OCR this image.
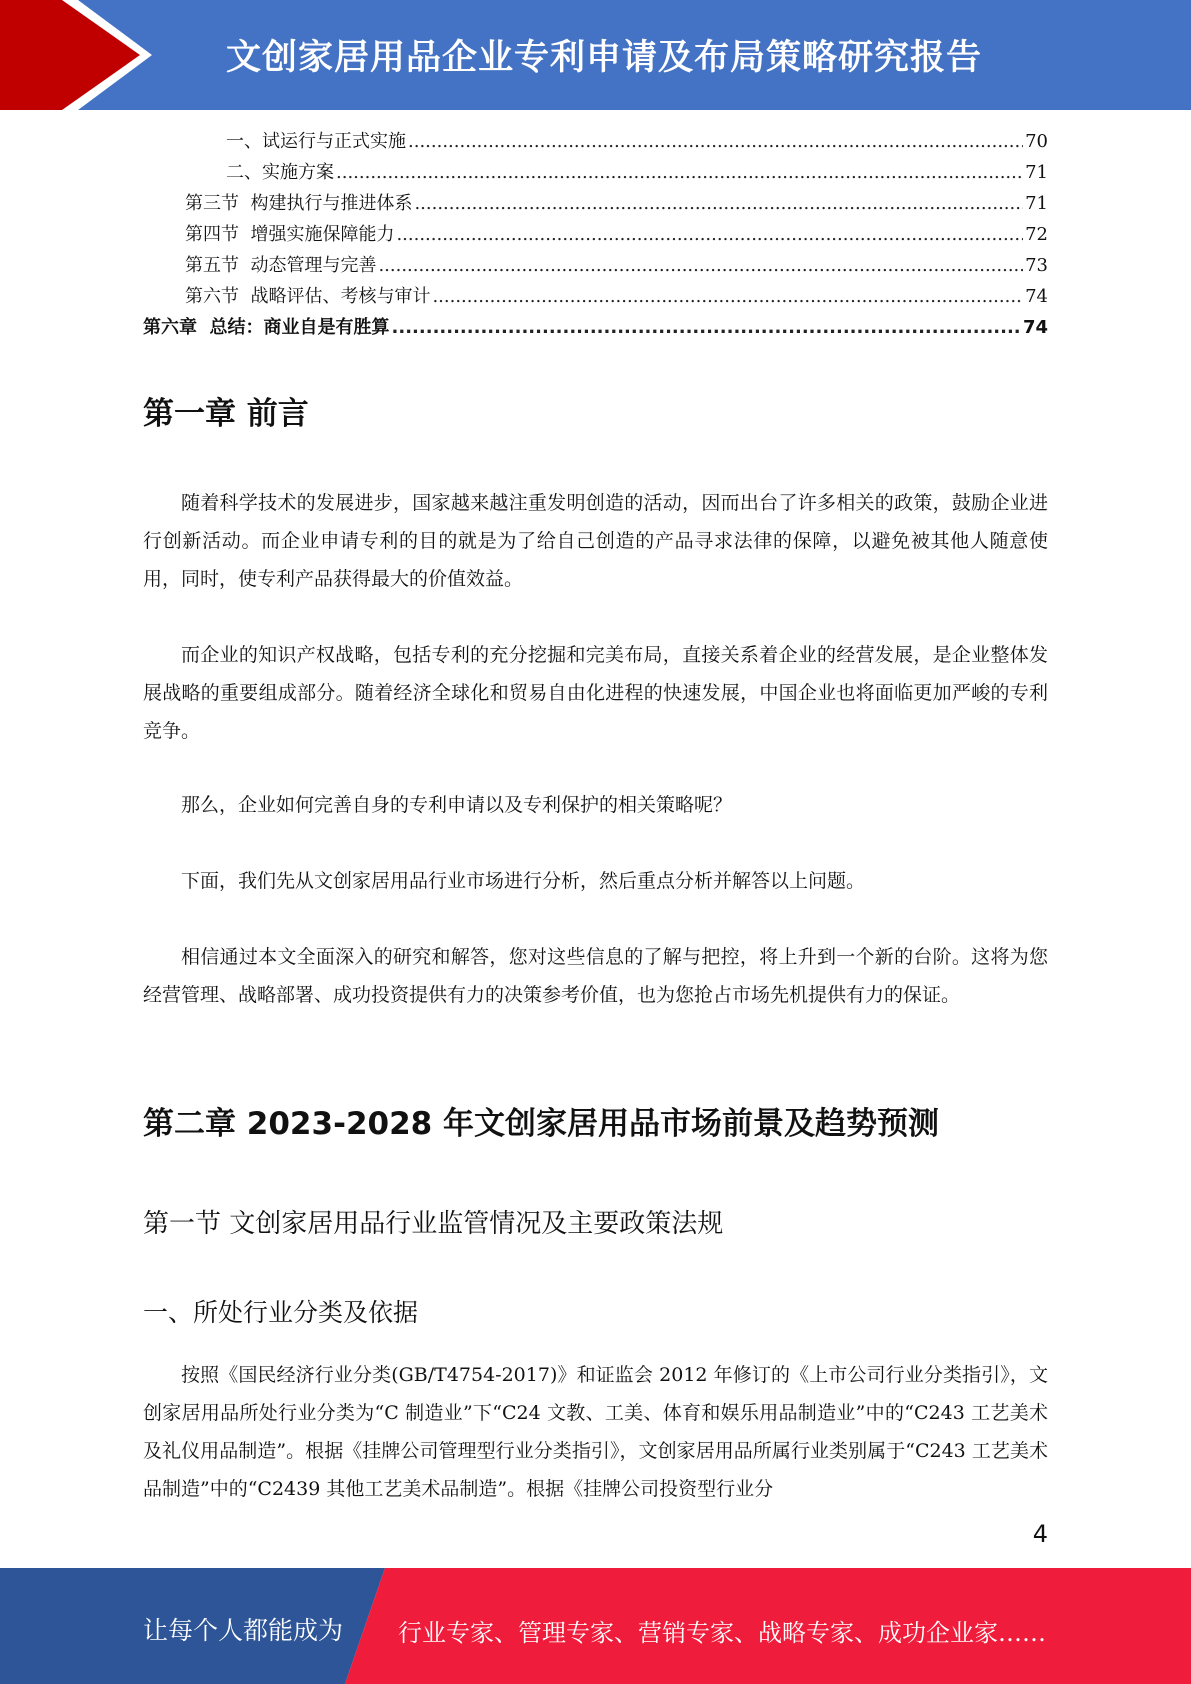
文创家居用品企业专利申请及布局策略研究报告
一、试运行与正式实施 .....	70
二、实施方案 .....	71
第三节  构建执行与推进体系 .....	71
第四节  增强实施保障能力 .....	72
第五节  动态管理与完善 .....	73
第六节  战略评估、考核与审计 .....	74
第六章  总结：商业自是有胜算 .....	74
第一章 前言

随着科学技术的发展进步，国家越来越注重发明创造的活动，因而出台了许多相关的政策，鼓励企业进行创新活动。而企业申请专利的目的就是为了给自己创造的产品寻求法律的保障，以避免被其他人随意使用，同时，使专利产品获得最大的价值效益。

而企业的知识产权战略，包括专利的充分挖掘和完美布局，直接关系着企业的经营发展，是企业整体发展战略的重要组成部分。随着经济全球化和贸易自由化进程的快速发展，中国企业也将面临更加严峻的专利竞争。

那么，企业如何完善自身的专利申请以及专利保护的相关策略呢？

下面，我们先从文创家居用品行业市场进行分析，然后重点分析并解答以上问题。

相信通过本文全面深入的研究和解答，您对这些信息的了解与把控，将上升到一个新的台阶。这将为您经营管理、战略部署、成功投资提供有力的决策参考价值，也为您抢占市场先机提供有力的保证。

第二章 2023-2028 年文创家居用品市场前景及趋势预测
第一节 文创家居用品行业监管情况及主要政策法规
一、所处行业分类及依据

按照《国民经济行业分类(GB/T4754-2017)》和证监会 2012 年修订的《上市公司行业分类指引》，文创家居用品所处行业分类为“C 制造业”下“C24 文教、工美、体育和娱乐用品制造业”中的“C243 工艺美术及礼仪用品制造”。根据《挂牌公司管理型行业分类指引》，文创家居用品所属行业类别属于“C243 工艺美术品制造”中的“C2439 其他工艺美术品制造”。根据《挂牌公司投资型行业分

4
让每个人都能成为 行业专家、管理专家、营销专家、战略专家、成功企业家……
